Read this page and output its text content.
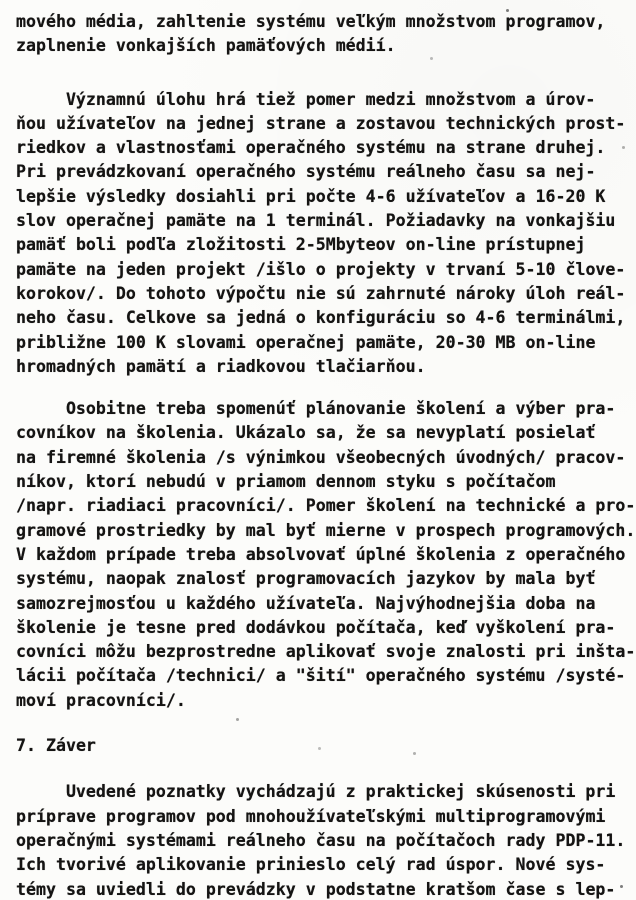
mového média, zahltenie systému veľkým množstvom programov,
zaplnenie vonkajších pamäťových médií.
Významnú úlohu hrá tiež pomer medzi množstvom a úrov-
ňou užívateľov na jednej strane a zostavou technických prost-
riedkov a vlastnosťami operačného systému na strane druhej.
Pri prevádzkovaní operačného systému reálneho času sa nej-
lepšie výsledky dosiahli pri počte 4-6 užívateľov a 16-20 K
slov operačnej pamäte na 1 terminál. Požiadavky na vonkajšiu
pamäť boli podľa zložitosti 2-5Mbyteov on-line prístupnej
pamäte na jeden projekt /išlo o projekty v trvaní 5-10 člove-
korokov/. Do tohoto výpočtu nie sú zahrnuté nároky úloh reál-
neho času. Celkove sa jedná o konfiguráciu so 4-6 terminálmi,
približne 100 K slovami operačnej pamäte, 20-30 MB on-line
hromadných pamätí a riadkovou tlačiarňou.
Osobitne treba spomenúť plánovanie školení a výber pra-
covníkov na školenia. Ukázalo sa, že sa nevyplatí posielať
na firemné školenia /s výnimkou všeobecných úvodných/ pracov-
níkov, ktorí nebudú v priamom dennom styku s počítačom
/napr. riadiaci pracovníci/. Pomer školení na technické a pro-
gramové prostriedky by mal byť mierne v prospech programových.
V každom prípade treba absolvovať úplné školenia z operačného
systému, naopak znalosť programovacích jazykov by mala byť
samozrejmosťou u každého užívateľa. Najvýhodnejšia doba na
školenie je tesne pred dodávkou počítača, keď vyškolení pra-
covníci môžu bezprostredne aplikovať svoje znalosti pri inšta-
lácii počítača /technici/ a "šití" operačného systému /systé-
moví pracovníci/.
7. Záver
Uvedené poznatky vychádzajú z praktickej skúsenosti pri
príprave programov pod mnohoužívateľskými multiprogramovými
operačnými systémami reálneho času na počítačoch rady PDP-11.
Ich tvorivé aplikovanie prinieslo celý rad úspor. Nové sys-
témy sa uviedli do prevádzky v podstatne kratšom čase s lep-
